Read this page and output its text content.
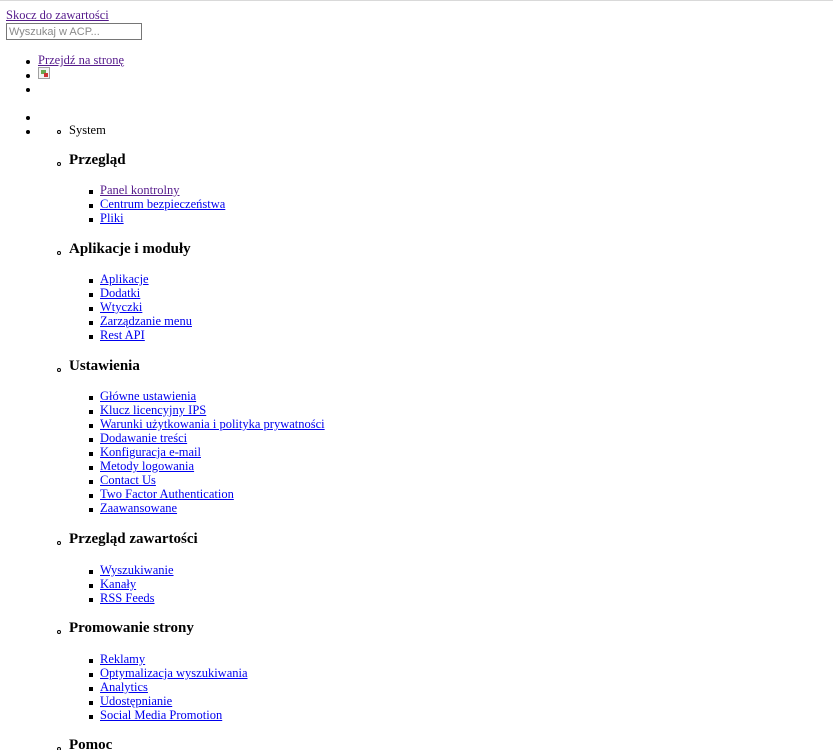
Skocz do zawartości
Wyszukaj w ACP...
Przejdź na stronę
System
Przegląd
Panel kontrolny
Centrum bezpieczeństwa
Pliki
Aplikacje i moduły
Aplikacje
Dodatki
Wtyczki
Zarządzanie menu
Rest API
Ustawienia
Główne ustawienia
Klucz licencyjny IPS
Warunki użytkowania i polityka prywatności
Dodawanie treści
Konfiguracja e-mail
Metody logowania
Contact Us
Two Factor Authentication
Zaawansowane
Przegląd zawartości
Wyszukiwanie
Kanały
RSS Feeds
Promowanie strony
Reklamy
Optymalizacja wyszukiwania
Analytics
Udostępnianie
Social Media Promotion
Pomoc
